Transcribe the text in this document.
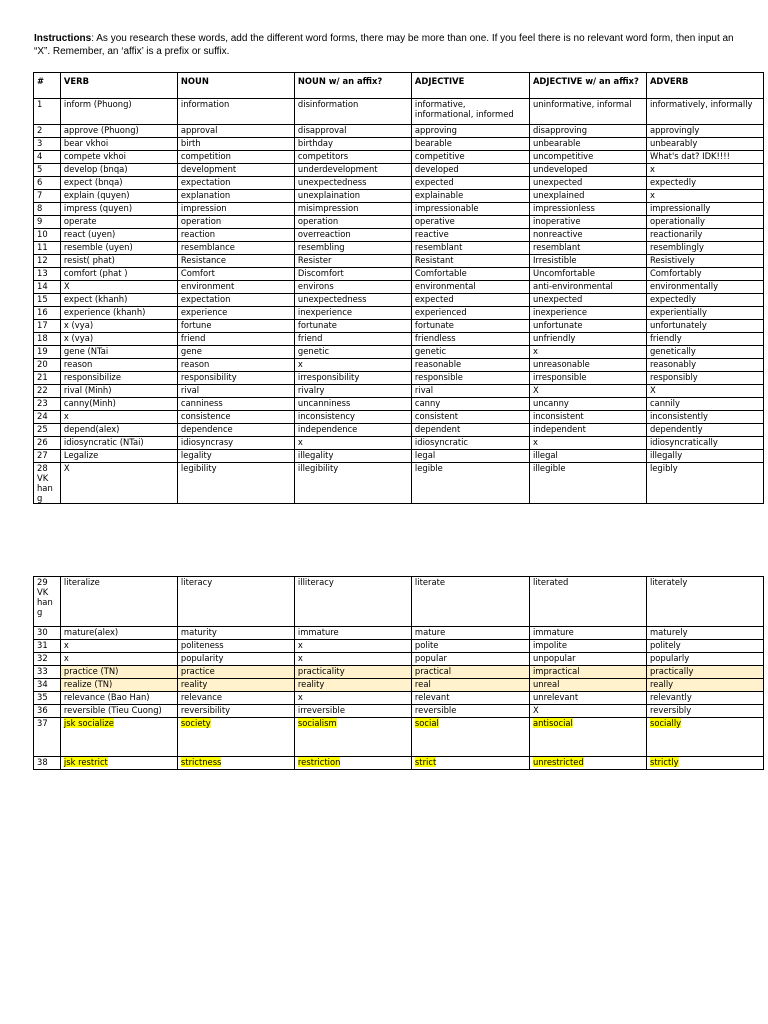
Instructions: As you research these words, add the different word forms, there may be more than one. If you feel there is no relevant word form, then input an “X”. Remember, an ‘affix’ is a prefix or suffix.
#	VERB	NOUN	NOUN w/ an affix?	ADJECTIVE	ADJECTIVE w/ an affix?	ADVERB
1	inform (Phuong)	information	disinformation	informative, informational, informed	uninformative, informal	informatively, informally
2	approve (Phuong)	approval	disapproval	approving	disapproving	approvingly
3	bear vkhoi	birth	birthday	bearable	unbearable	unbearably
4	compete vkhoi	competition	competitors	competitive	uncompetitive	What's dat? IDK!!!!
5	develop (bnqa)	development	underdevelopment	developed	undeveloped	x
6	expect (bnqa)	expectation	unexpectedness	expected	unexpected	expectedly
7	explain (quyen)	explanation	unexplaination	explainable	unexplained	x
8	impress (quyen)	impression	misimpression	impressionable	impressionless	impressionally
9	operate	operation	operation	operative	inoperative	operationally
10	react (uyen)	reaction	overreaction	reactive	nonreactive	reactionarily
11	resemble (uyen)	resemblance	resembling	resemblant	resemblant	resemblingly
12	resist( phat)	Resistance	Resister	Resistant	Irresistible	Resistively
13	comfort (phat )	Comfort	Discomfort	Comfortable	Uncomfortable	Comfortably
14	X	environment	environs	environmental	anti-environmental	environmentally
15	expect (khanh)	expectation	unexpectedness	expected	unexpected	expectedly
16	experience (khanh)	experience	inexperience	experienced	inexperience	experientially
17	x (vya)	fortune	fortunate	fortunate	unfortunate	unfortunately
18	x (vya)	friend	friend	friendless	unfriendly	friendly
19	gene (NTai	gene	genetic	genetic	x	genetically
20	reason	reason	x	reasonable	unreasonable	reasonably
21	responsibilize	responsibility	irresponsibility	responsible	irresponsible	responsibly
22	rival (Minh)	rival	rivalry	rival	X	X
23	canny(Minh)	canniness	uncanniness	canny	uncanny	cannily
24	x	consistence	inconsistency	consistent	inconsistent	inconsistently
25	depend(alex)	dependence	independence	dependent	independent	dependently
26	idiosyncratic (NTai)	idiosyncrasy	x	idiosyncratic	x	idiosyncratically
27	Legalize	legality	illegality	legal	illegal	illegally
28 VK han g	X	legibility	illegibility	legible	illegible	legibly
29 VK han g	literalize	literacy	illiteracy	literate	literated	literately
30	mature(alex)	maturity	immature	mature	immature	maturely
31	x	politeness	x	polite	impolite	politely
32	x	popularity	x	popular	unpopular	popularly
33	practice (TN)	practice	practicality	practical	impractical	practically
34	realize (TN)	reality	reality	real	unreal	really
35	relevance (Bao Han)	relevance	x	relevant	unrelevant	relevantly
36	reversible (Tieu Cuong)	reversibility	irreversible	reversible	X	reversibly
37	jsk socialize	society	socialism	social	antisocial	socially
38	jsk restrict	strictness	restriction	strict	unrestricted	strictly
